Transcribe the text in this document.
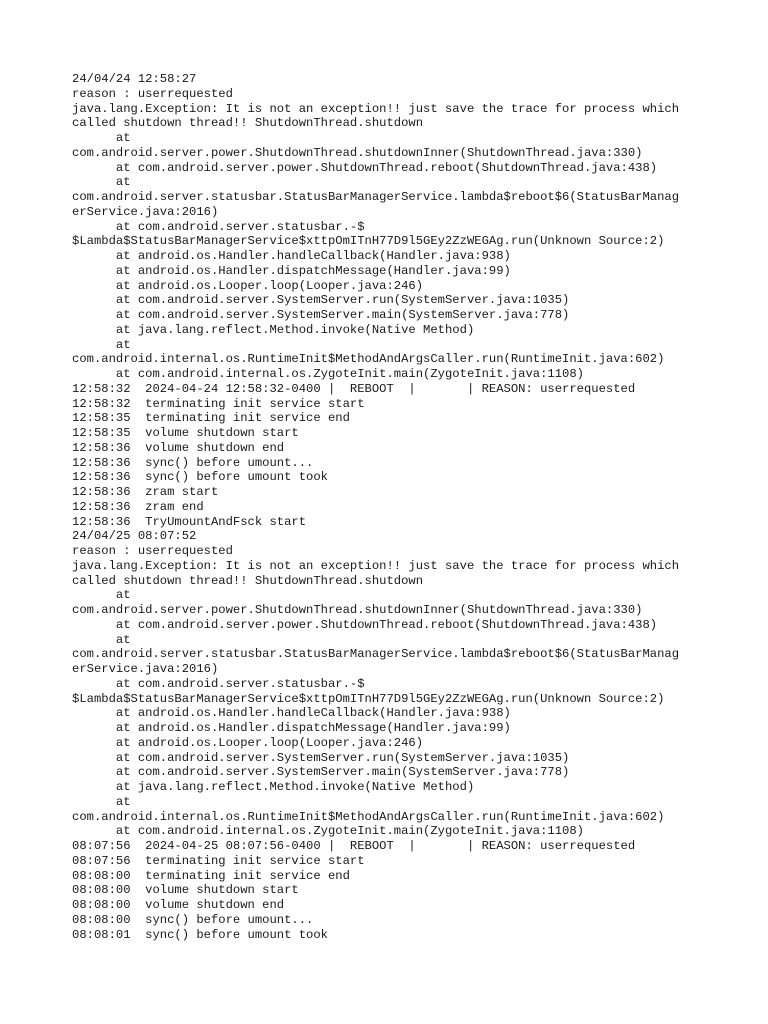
24/04/24 12:58:27
reason : userrequested
java.lang.Exception: It is not an exception!! just save the trace for process which
called shutdown thread!! ShutdownThread.shutdown
at
com.android.server.power.ShutdownThread.shutdownInner(ShutdownThread.java:330)
at com.android.server.power.ShutdownThread.reboot(ShutdownThread.java:438)
at
com.android.server.statusbar.StatusBarManagerService.lambda$reboot$6(StatusBarManag
erService.java:2016)
at com.android.server.statusbar.-$
$Lambda$StatusBarManagerService$xttpOmITnH77D9l5GEy2ZzWEGAg.run(Unknown Source:2)
at android.os.Handler.handleCallback(Handler.java:938)
at android.os.Handler.dispatchMessage(Handler.java:99)
at android.os.Looper.loop(Looper.java:246)
at com.android.server.SystemServer.run(SystemServer.java:1035)
at com.android.server.SystemServer.main(SystemServer.java:778)
at java.lang.reflect.Method.invoke(Native Method)
at
com.android.internal.os.RuntimeInit$MethodAndArgsCaller.run(RuntimeInit.java:602)
at com.android.internal.os.ZygoteInit.main(ZygoteInit.java:1108)
12:58:32  2024-04-24 12:58:32-0400 |  REBOOT  |       | REASON: userrequested
12:58:32  terminating init service start
12:58:35  terminating init service end
12:58:35  volume shutdown start
12:58:36  volume shutdown end
12:58:36  sync() before umount...
12:58:36  sync() before umount took
12:58:36  zram start
12:58:36  zram end
12:58:36  TryUmountAndFsck start
24/04/25 08:07:52
reason : userrequested
java.lang.Exception: It is not an exception!! just save the trace for process which
called shutdown thread!! ShutdownThread.shutdown
at
com.android.server.power.ShutdownThread.shutdownInner(ShutdownThread.java:330)
at com.android.server.power.ShutdownThread.reboot(ShutdownThread.java:438)
at
com.android.server.statusbar.StatusBarManagerService.lambda$reboot$6(StatusBarManag
erService.java:2016)
at com.android.server.statusbar.-$
$Lambda$StatusBarManagerService$xttpOmITnH77D9l5GEy2ZzWEGAg.run(Unknown Source:2)
at android.os.Handler.handleCallback(Handler.java:938)
at android.os.Handler.dispatchMessage(Handler.java:99)
at android.os.Looper.loop(Looper.java:246)
at com.android.server.SystemServer.run(SystemServer.java:1035)
at com.android.server.SystemServer.main(SystemServer.java:778)
at java.lang.reflect.Method.invoke(Native Method)
at
com.android.internal.os.RuntimeInit$MethodAndArgsCaller.run(RuntimeInit.java:602)
at com.android.internal.os.ZygoteInit.main(ZygoteInit.java:1108)
08:07:56  2024-04-25 08:07:56-0400 |  REBOOT  |       | REASON: userrequested
08:07:56  terminating init service start
08:08:00  terminating init service end
08:08:00  volume shutdown start
08:08:00  volume shutdown end
08:08:00  sync() before umount...
08:08:01  sync() before umount took
